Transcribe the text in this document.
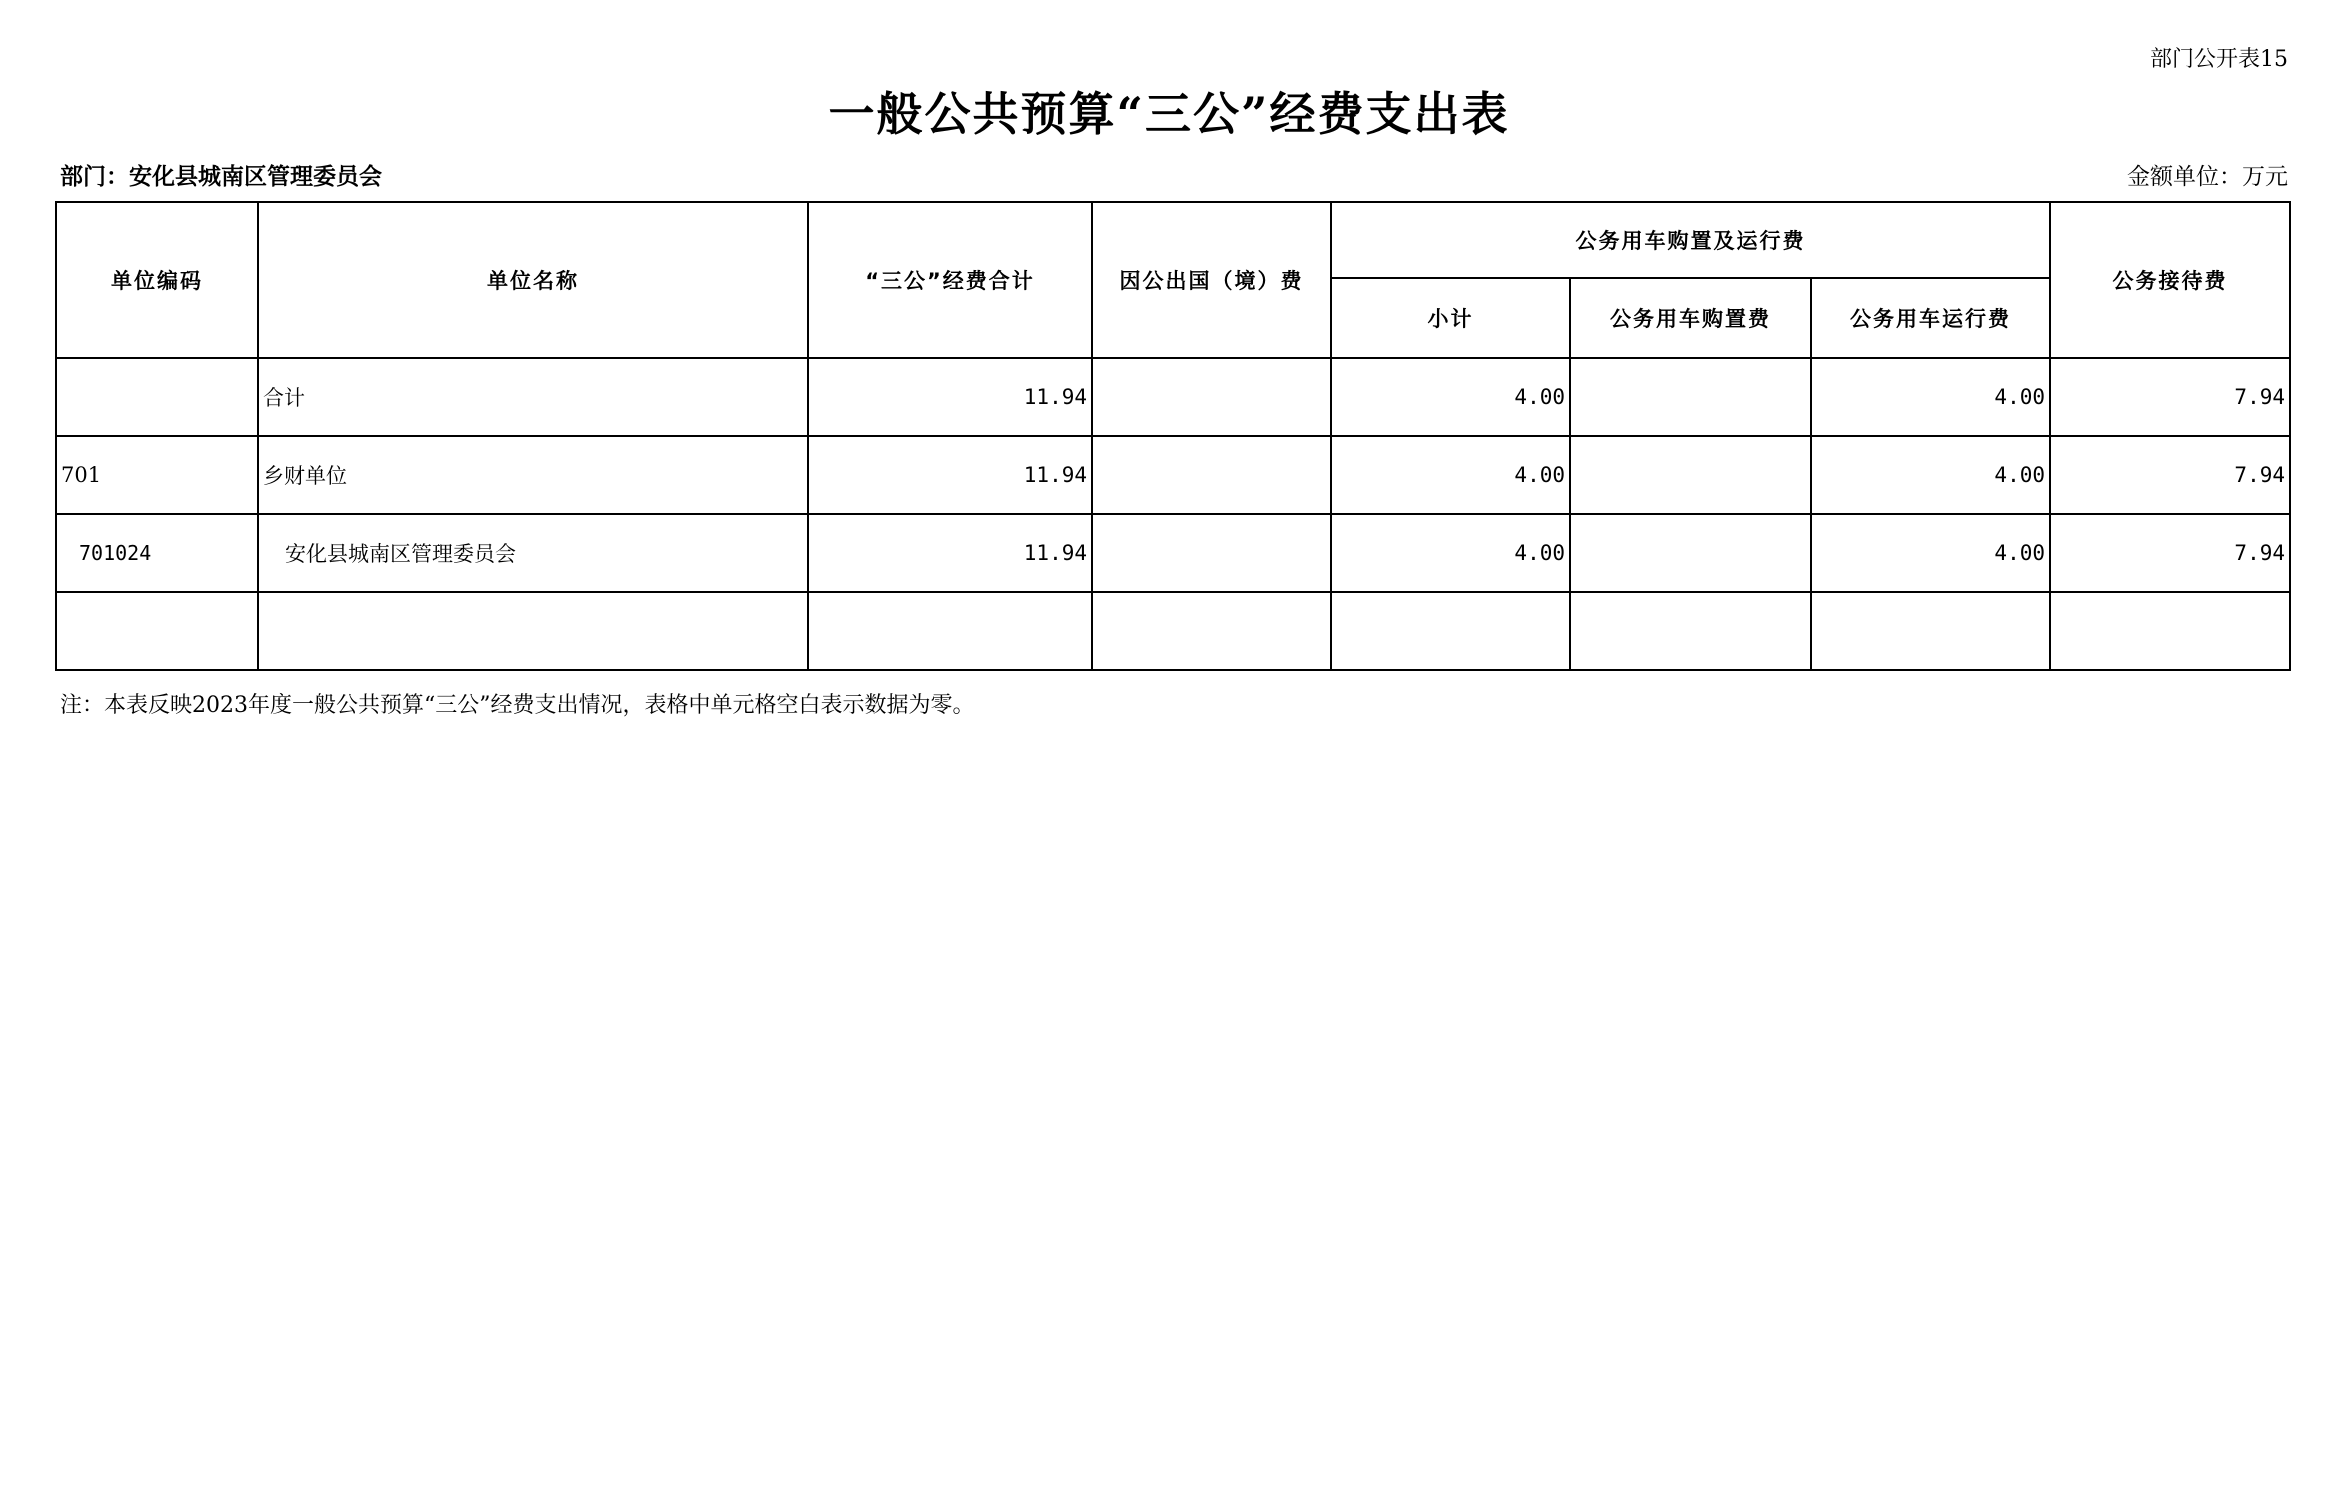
部门公开表15
一般公共预算“三公”经费支出表
部门：安化县城南区管理委员会	金额单位：万元
单位编码	单位名称	“三公”经费合计	因公出国（境）费	公务用车购置及运行费			公务接待费
				小计	公务用车购置费	公务用车运行费	
	合计	11.94		4.00		4.00	7.94
701	乡财单位	11.94		4.00		4.00	7.94
701024	安化县城南区管理委员会	11.94		4.00		4.00	7.94

注：本表反映2023年度一般公共预算“三公”经费支出情况，表格中单元格空白表示数据为零。
